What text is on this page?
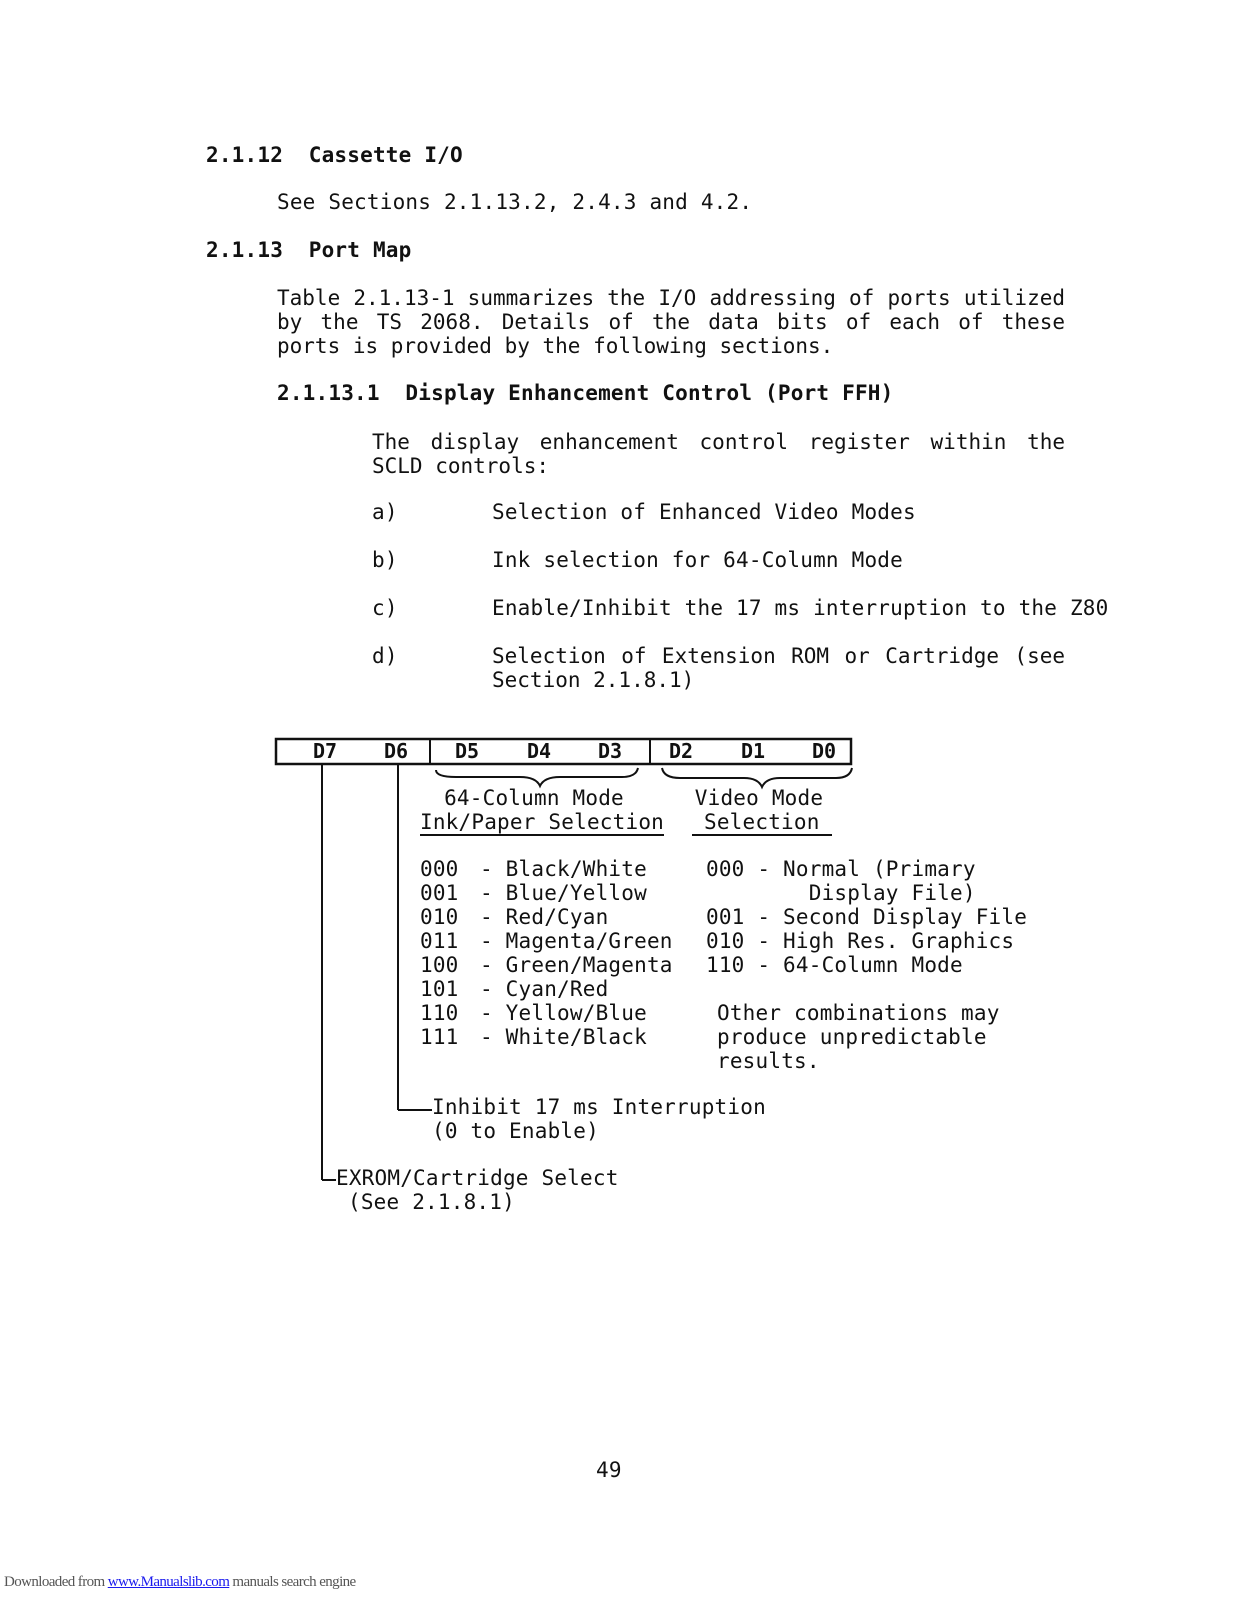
2.1.12  Cassette I/O
See Sections 2.1.13.2, 2.4.3 and 4.2.
2.1.13  Port Map
Table 2.1.13-1 summarizes the I/O addressing of ports utilized by the TS 2068. Details of the data bits of each of these ports is provided by the following sections.
2.1.13.1  Display Enhancement Control (Port FFH)
The display enhancement control register within the SCLD controls:
a)	Selection of Enhanced Video Modes
b)	Ink selection for 64-Column Mode
c)	Enable/Inhibit the 17 ms interruption to the Z80
d)	Selection of Extension ROM or Cartridge (see Section 2.1.8.1)
D7 D6 D5 D4 D3 D2 D1 D0
64-Column Mode
Ink/Paper Selection
Video Mode
Selection
000 - Black/White
001 - Blue/Yellow
010 - Red/Cyan
011 - Magenta/Green
100 - Green/Magenta
101 - Cyan/Red
110 - Yellow/Blue
111 - White/Black
000 - Normal (Primary
Display File)
001 - Second Display File
010 - High Res. Graphics
110 - 64-Column Mode
Other combinations may
produce unpredictable
results.
Inhibit 17 ms Interruption
(0 to Enable)
EXROM/Cartridge Select
(See 2.1.8.1)
49
Downloaded from www.Manualslib.com manuals search engine
